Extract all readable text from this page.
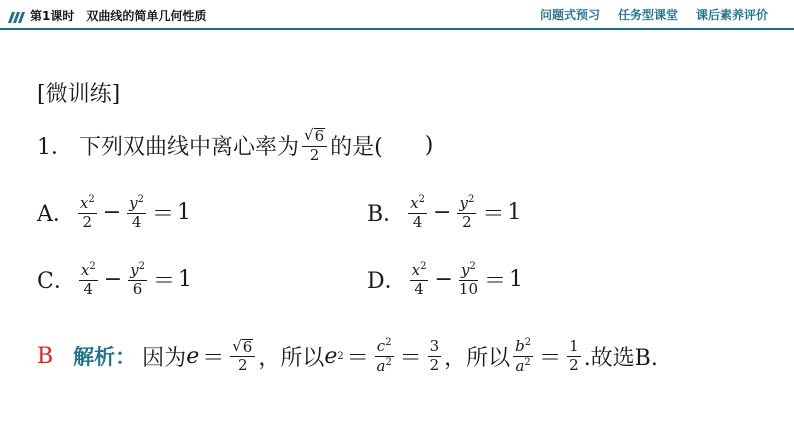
第1课时 双曲线的简单几何性质	问题式预习 任务型课堂 课后素养评价
[微训练]
1． 下列双曲线中离心率为 $\frac{√ 6}{2}$ 的是( )
A． $\frac{x^2}{2} - \frac{y^2}{4} = 1$	B． $\frac{x^2}{4} - \frac{y^2}{2} = 1$
C． $\frac{x^2}{4} - \frac{y^2}{6} = 1$	D． $\frac{x^2}{4} - \frac{y^2}{10} = 1$
B 解析： 因为 $e = \frac{√ 6}{2}$ ，所以 e $2 = \frac{c^2}{a^2} = \frac{3}{2}$ ，所以 $\frac{b^2}{a^2} = \frac{1}{2}$ .故选B.
